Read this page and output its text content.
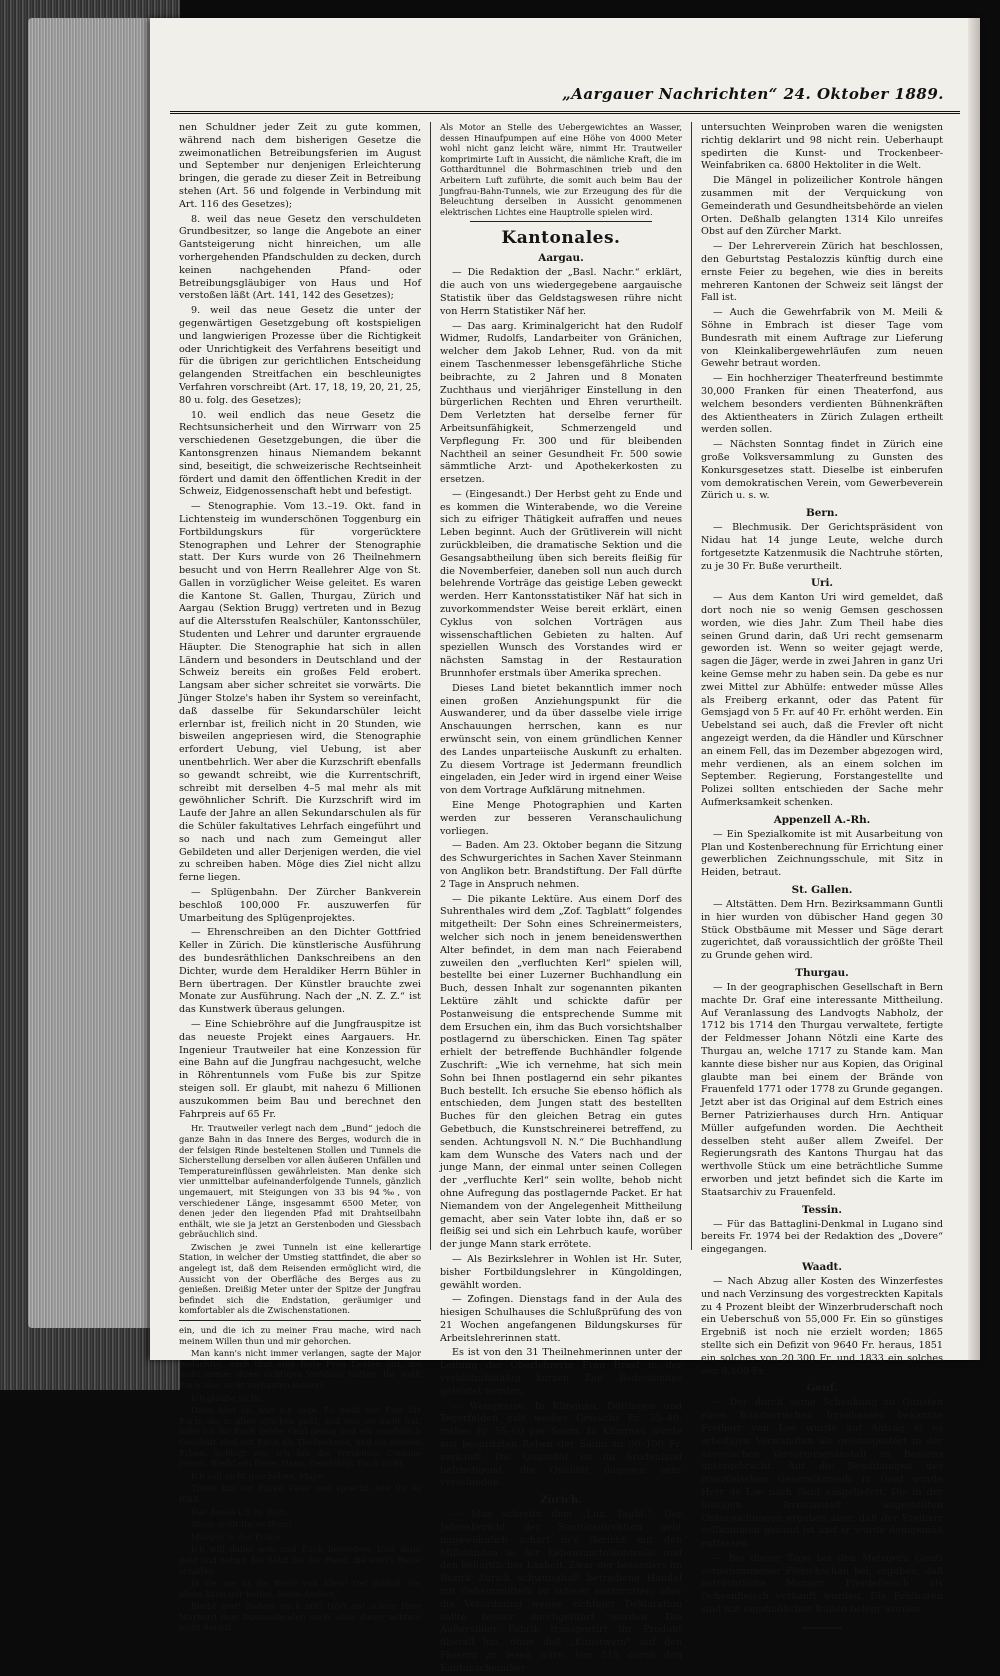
„Aargauer Nachrichten“ 24. Oktober 1889.

nen Schuldner jeder Zeit zu gute kommen, während nach dem bisherigen Gesetze die zweimonatlichen Betreibungsferien im August und September nur denjenigen Erleichterung bringen, die gerade zu dieser Zeit in Betreibung stehen (Art. 56 und folgende in Verbindung mit Art. 116 des Gesetzes);

8. weil das neue Gesetz den verschuldeten Grundbesitzer, so lange die Angebote an einer Gantsteigerung nicht hinreichen, um alle vorhergehenden Pfandschulden zu decken, durch keinen nachgehenden Pfand- oder Betreibungsgläubiger von Haus und Hof verstoßen läßt (Art. 141, 142 des Gesetzes);

9. weil das neue Gesetz die unter der gegenwärtigen Gesetzgebung oft kostspieligen und langwierigen Prozesse über die Richtigkeit oder Unrichtigkeit des Verfahrens beseitigt und für die übrigen zur gerichtlichen Entscheidung gelangenden Streitfachen ein beschleunigtes Verfahren vorschreibt (Art. 17, 18, 19, 20, 21, 25, 80 u. folg. des Gesetzes);

10. weil endlich das neue Gesetz die Rechtsunsicherheit und den Wirrwarr von 25 verschiedenen Gesetzgebungen, die über die Kantonsgrenzen hinaus Niemandem bekannt sind, beseitigt, die schweizerische Rechtseinheit fördert und damit den öffentlichen Kredit in der Schweiz, Eidgenossenschaft hebt und befestigt.

— Stenographie. Vom 13.–19. Okt. fand in Lichtensteig im wunderschönen Toggenburg ein Fortbildungskurs für vorgerücktere Stenographen und Lehrer der Stenographie statt. Der Kurs wurde von 26 Theilnehmern besucht und von Herrn Reallehrer Alge von St. Gallen in vorzüglicher Weise geleitet. Es waren die Kantone St. Gallen, Thurgau, Zürich und Aargau (Sektion Brugg) vertreten und in Bezug auf die Altersstufen Realschüler, Kantonsschüler, Studenten und Lehrer und darunter ergrauende Häupter. Die Stenographie hat sich in allen Ländern und besonders in Deutschland und der Schweiz bereits ein großes Feld erobert. Langsam aber sicher schreitet sie vorwärts. Die Jünger Stolze's haben ihr System so vereinfacht, daß dasselbe für Sekundarschüler leicht erlernbar ist, freilich nicht in 20 Stunden, wie bisweilen angepriesen wird, die Stenographie erfordert Uebung, viel Uebung, ist aber unentbehrlich. Wer aber die Kurzschrift ebenfalls so gewandt schreibt, wie die Kurrentschrift, schreibt mit derselben 4–5 mal mehr als mit gewöhnlicher Schrift. Die Kurzschrift wird im Laufe der Jahre an allen Sekundarschulen als für die Schüler fakultatives Lehrfach eingeführt und so nach und nach zum Gemeingut aller Gebildeten und aller Derjenigen werden, die viel zu schreiben haben. Möge dies Ziel nicht allzu ferne liegen.

— Splügenbahn. Der Zürcher Bankverein beschloß 100,000 Fr. auszuwerfen für Umarbeitung des Splügenprojektes.

— Ehrenschreiben an den Dichter Gottfried Keller in Zürich. Die künstlerische Ausführung des bundesräthlichen Dankschreibens an den Dichter, wurde dem Heraldiker Herrn Bühler in Bern übertragen. Der Künstler brauchte zwei Monate zur Ausführung. Nach der „N. Z. Z.“ ist das Kunstwerk überaus gelungen.

— Eine Schiebröhre auf die Jungfrauspitze ist das neueste Projekt eines Aargauers. Hr. Ingenieur Trautweiler hat eine Konzession für eine Bahn auf die Jungfrau nachgesucht, welche in Röhrentunnels vom Fuße bis zur Spitze steigen soll. Er glaubt, mit nahezu 6 Millionen auszukommen beim Bau und berechnet den Fahrpreis auf 65 Fr.

Hr. Trautweiler verlegt nach dem „Bund“ jedoch die ganze Bahn in das Innere des Berges, wodurch die in der felsigen Rinde besteltenen Stollen und Tunnels die Sicherstellung derselben vor allen äußeren Unfällen und Temperatureinflüssen gewährleisten. Man denke sich vier unmittelbar aufeinanderfolgende Tunnels, gänzlich ungemauert, mit Steigungen von 33 bis 94‰, von verschiedener Länge, insgesammt 6500 Meter, von denen jeder den liegenden Pfad mit Drahtseilbahn enthält, wie sie ja jetzt an Gerstenboden und Giessbach gebräuchlich sind.

Zwischen je zwei Tunneln ist eine kellerartige Station, in welcher der Umstieg stattfindet, die aber so angelegt ist, daß dem Reisenden ermöglicht wird, die Aussicht von der Oberfläche des Berges aus zu genießen. Dreißig Meter unter der Spitze der Jungfrau befindet sich die Endstation, geräumiger und komfortabler als die Zwischenstationen.

ein, und die ich zu meiner Frau mache, wird nach meinem Willen thun und mir gehorchen.

Man kann's nicht immer verlangen, sagte der Major bedächtig, auch thut eine feste Frau Leuten gut, die nicht immer ihren richtigen Verstand hätten. Ihr wollt Euch also nicht verkaufen lassen?

Ich glaube nicht.

Dann hört an, was ich sage. Es giebt nur Eine für Euch, die in allen Stücken paßt, und was sie nicht hat, habe ich für Euch beide: Geld genug und ein ansehnlich Geschäft sind mit Euch als Theilnehmer, und als meinen Erben. Schlagt ein, ich bin die vornehme Cousine reisen. Bleibt ein freier Mann, demüthigt Euch nicht.

Ich soll nicht geschehen, Major.

Tretet hin vor Euren Vater und sprecht, wie Ihr es fühlt.

Das denke ich zu thun.

Wann wollt Ihr es thun?

Morgen in der Frühe.

Ich will dabei sein und Euch beistehen. Und dann geht und nehmt das Bäbli bei der Hand, die wird's Beste schaffen.

Ja sie, sie ist die Beste von Allen! rief Rudolf. Sie allein kann mir helfen, keine Andere.

Bleibt hier! Nehmt mich mit! Hört an! schrie Herr Murhard dem Davoneilenden nach, aber dieser achtete nicht darauf.

Als Motor an Stelle des Uebergewichtes an Wasser, dessen Hinaufpumpen auf eine Höhe von 4000 Meter wohl nicht ganz leicht wäre, nimmt Hr. Trautweiler komprimirte Luft in Aussicht, die nämliche Kraft, die im Gotthardtunnel die Bohrmaschinen trieb und den Arbeitern Luft zuführte, die somit auch beim Bau der Jungfrau-Bahn-Tunnels, wie zur Erzeugung des für die Beleuchtung derselben in Aussicht genommenen elektrischen Lichtes eine Hauptrolle spielen wird.

Kantonales.
Aargau.

— Die Redaktion der „Basl. Nachr.“ erklärt, die auch von uns wiedergegebene aargauische Statistik über das Geldstagswesen rühre nicht von Herrn Statistiker Näf her.

— Das aarg. Kriminalgericht hat den Rudolf Widmer, Rudolfs, Landarbeiter von Gränichen, welcher dem Jakob Lehner, Rud. von da mit einem Taschenmesser lebensgefährliche Stiche beibrachte, zu 2 Jahren und 8 Monaten Zuchthaus und vierjähriger Einstellung in den bürgerlichen Rechten und Ehren verurtheilt. Dem Verletzten hat derselbe ferner für Arbeitsunfähigkeit, Schmerzengeld und Verpflegung Fr. 300 und für bleibenden Nachtheil an seiner Gesundheit Fr. 500 sowie sämmtliche Arzt- und Apothekerkosten zu ersetzen.

— (Eingesandt.) Der Herbst geht zu Ende und es kommen die Winterabende, wo die Vereine sich zu eifriger Thätigkeit aufraffen und neues Leben beginnt. Auch der Grütliverein will nicht zurückbleiben, die dramatische Sektion und die Gesangsabtheilung üben sich bereits fleißig für die Novemberfeier, daneben soll nun auch durch belehrende Vorträge das geistige Leben geweckt werden. Herr Kantonsstatistiker Näf hat sich in zuvorkommendster Weise bereit erklärt, einen Cyklus von solchen Vorträgen aus wissenschaftlichen Gebieten zu halten. Auf speziellen Wunsch des Vorstandes wird er nächsten Samstag in der Restauration Brunnhofer erstmals über Amerika sprechen.

Dieses Land bietet bekanntlich immer noch einen großen Anziehungspunkt für die Auswanderer, und da über dasselbe viele irrige Anschauungen herrschen, kann es nur erwünscht sein, von einem gründlichen Kenner des Landes unparteiische Auskunft zu erhalten. Zu diesem Vortrage ist Jedermann freundlich eingeladen, ein Jeder wird in irgend einer Weise von dem Vortrage Aufklärung mitnehmen.

Eine Menge Photographien und Karten werden zur besseren Veranschaulichung vorliegen.

— Baden. Am 23. Oktober begann die Sitzung des Schwurgerichtes in Sachen Xaver Steinmann von Anglikon betr. Brandstiftung. Der Fall dürfte 2 Tage in Anspruch nehmen.

— Die pikante Lektüre. Aus einem Dorf des Suhrenthales wird dem „Zof. Tagblatt“ folgendes mitgetheilt: Der Sohn eines Schreinermeisters, welcher sich noch in jenem beneidenswerthen Alter befindet, in dem man nach Feierabend zuweilen den „verfluchten Kerl“ spielen will, bestellte bei einer Luzerner Buchhandlung ein Buch, dessen Inhalt zur sogenannten pikanten Lektüre zählt und schickte dafür per Postanweisung die entsprechende Summe mit dem Ersuchen ein, ihm das Buch vorsichtshalber postlagernd zu überschicken. Einen Tag später erhielt der betreffende Buchhändler folgende Zuschrift: „Wie ich vernehme, hat sich mein Sohn bei Ihnen postlagernd ein sehr pikantes Buch bestellt. Ich ersuche Sie ebenso höflich als entschieden, dem Jungen statt des bestellten Buches für den gleichen Betrag ein gutes Gebetbuch, die Kunstschreinerei betreffend, zu senden. Achtungsvoll N. N.“ Die Buchhandlung kam dem Wunsche des Vaters nach und der junge Mann, der einmal unter seinen Collegen der „verfluchte Kerl“ sein wollte, behob nicht ohne Aufregung das postlagernde Packet. Er hat Niemandem von der Angelegenheit Mittheilung gemacht, aber sein Vater lobte ihn, daß er so fleißig sei und sich ein Lehrbuch kaufe, worüber der junge Mann stark errötete.

— Als Bezirkslehrer in Wohlen ist Hr. Suter, bisher Fortbildungslehrer in Küngoldingen, gewählt worden.

— Zofingen. Dienstags fand in der Aula des hiesigen Schulhauses die Schlußprüfung des von 21 Wochen angefangenen Bildungskurses für Arbeitslehrerinnen statt.

Es ist von den 31 Theilnehmerinnen unter der Leitung der Oberlehrerin Frau Brast in der verhältnißmäßig kurzen Zeit Bedeutendes geleistet worden.

— Weinpreise. In Klingnau, Döttingen und Tegerfelden galt weißes Gewächs Fr. 35–40, rothes Fr. 55–60 per Saum. In Klingnau wurde aus bespritzten Reben der Saum zu 90–100 Fr. verkauft. Die Quantität ist im Studenland befriedigend, die Qualität dagegen sehr verschieden.

Zürich.

— Man schreibt dem „Luz. Tagbl.“: Der Jahresbericht der Sanitätsdirektion gebt ungewöhnlich scharf in's Gericht mit den Mißständen in der Lebensmittelkontrolle und den behördlicher Laxheit. Zwar der besonders im Bezirk Zürich schwunghaft betriebene Handel mit Geheimmitteln ist schwer auszurotten; aber die Verordnung wegen richtiger Deklaration sollte besser durchgeführt werden. Die Außersihler Fabrik transportirt ihr Produkt überall hin, ohne daß „Kunstwein“ auf den Fässern zu lesen wäre. Von 518 durch den Kantonschemiker

untersuchten Weinproben waren die wenigsten richtig deklarirt und 98 nicht rein. Ueberhaupt spedirten die Kunst- und Trockenbeer-Weinfabriken ca. 6800 Hektoliter in die Welt.

Die Mängel in polizeilicher Kontrole hängen zusammen mit der Verquickung von Gemeinderath und Gesundheitsbehörde an vielen Orten. Deßhalb gelangten 1314 Kilo unreifes Obst auf den Zürcher Markt.

— Der Lehrerverein Zürich hat beschlossen, den Geburtstag Pestalozzis künftig durch eine ernste Feier zu begehen, wie dies in bereits mehreren Kantonen der Schweiz seit längst der Fall ist.

— Auch die Gewehrfabrik von M. Meili & Söhne in Embrach ist dieser Tage vom Bundesrath mit einem Auftrage zur Lieferung von Kleinkalibergewehrläufen zum neuen Gewehr betraut worden.

— Ein hochherziger Theaterfreund bestimmte 30,000 Franken für einen Theaterfond, aus welchem besonders verdienten Bühnenkräften des Aktientheaters in Zürich Zulagen ertheilt werden sollen.

— Nächsten Sonntag findet in Zürich eine große Volksversammlung zu Gunsten des Konkursgesetzes statt. Dieselbe ist einberufen vom demokratischen Verein, vom Gewerbeverein Zürich u. s. w.

Bern.

— Blechmusik. Der Gerichtspräsident von Nidau hat 14 junge Leute, welche durch fortgesetzte Katzenmusik die Nachtruhe störten, zu je 30 Fr. Buße verurtheilt.

Uri.

— Aus dem Kanton Uri wird gemeldet, daß dort noch nie so wenig Gemsen geschossen worden, wie dies Jahr. Zum Theil habe dies seinen Grund darin, daß Uri recht gemsenarm geworden ist. Wenn so weiter gejagt werde, sagen die Jäger, werde in zwei Jahren in ganz Uri keine Gemse mehr zu haben sein. Da gebe es nur zwei Mittel zur Abhülfe: entweder müsse Alles als Freiberg erkannt, oder das Patent für Gemsjagd von 5 Fr. auf 40 Fr. erhöht werden. Ein Uebelstand sei auch, daß die Frevler oft nicht angezeigt werden, da die Händler und Kürschner an einem Fell, das im Dezember abgezogen wird, mehr verdienen, als an einem solchen im September. Regierung, Forstangestellte und Polizei sollten entschieden der Sache mehr Aufmerksamkeit schenken.

Appenzell A.-Rh.

— Ein Spezialkomite ist mit Ausarbeitung von Plan und Kostenberechnung für Errichtung einer gewerblichen Zeichnungsschule, mit Sitz in Heiden, betraut.

St. Gallen.

— Altstätten. Dem Hrn. Bezirksammann Guntli in hier wurden von dübischer Hand gegen 30 Stück Obstbäume mit Messer und Säge derart zugerichtet, daß voraussichtlich der größte Theil zu Grunde gehen wird.

Thurgau.

— In der geographischen Gesellschaft in Bern machte Dr. Graf eine interessante Mittheilung. Auf Veranlassung des Landvogts Nabholz, der 1712 bis 1714 den Thurgau verwaltete, fertigte der Feldmesser Johann Nötzli eine Karte des Thurgau an, welche 1717 zu Stande kam. Man kannte diese bisher nur aus Kopien, das Original glaubte man bei einem der Brände von Frauenfeld 1771 oder 1778 zu Grunde gegangen. Jetzt aber ist das Original auf dem Estrich eines Berner Patrizierhauses durch Hrn. Antiquar Müller aufgefunden worden. Die Aechtheit desselben steht außer allem Zweifel. Der Regierungsrath des Kantons Thurgau hat das werthvolle Stück um eine beträchtliche Summe erworben und jetzt befindet sich die Karte im Staatsarchiv zu Frauenfeld.

Tessin.

— Für das Battaglini-Denkmal in Lugano sind bereits Fr. 1974 bei der Redaktion des „Dovere“ eingegangen.

Waadt.

— Nach Abzug aller Kosten des Winzerfestes und nach Verzinsung des vorgestreckten Kapitals zu 4 Prozent bleibt der Winzerbruderschaft noch ein Ueberschuß von 55,000 Fr. Ein so günstiges Ergebniß ist noch nie erzielt worden; 1865 stellte sich ein Defizit von 9640 Fr. heraus, 1851 ein solches von 20,300 Fr. und 1833 ein solches von 8,100 Fr.

Genf.

— Der durch seine Schenkung zu Gunsten eines Bündnerischen Irrenhauses bekannte Freiherr von Loe wurde auf Antrag ei es erbeiligen Verwandten als geistesgestört in der savoyischen Versorgungsanstalt zu Bessens untergebracht. Auf die Bemühungen des französischen Generalkonsuls in Genf wurde Herr de Loe nach Genf ausgeliefert. Die in der hiesigen Irrenanstalt angestellten Untersuchungen ergaben aber, daß der Freiherr vollkommen gesund ist und er wurde demgemäß entlassen.

— Bei dieser Tage bei den Metzgern Genfs vorgenommener Fleischschau bei, ergaben, daß beträchtliche Mengen Pferdefleisch als Ochsenfleisch verkauft worden. Die Fehlbaren sind mit empfindlichen Bußen belegt worden.
